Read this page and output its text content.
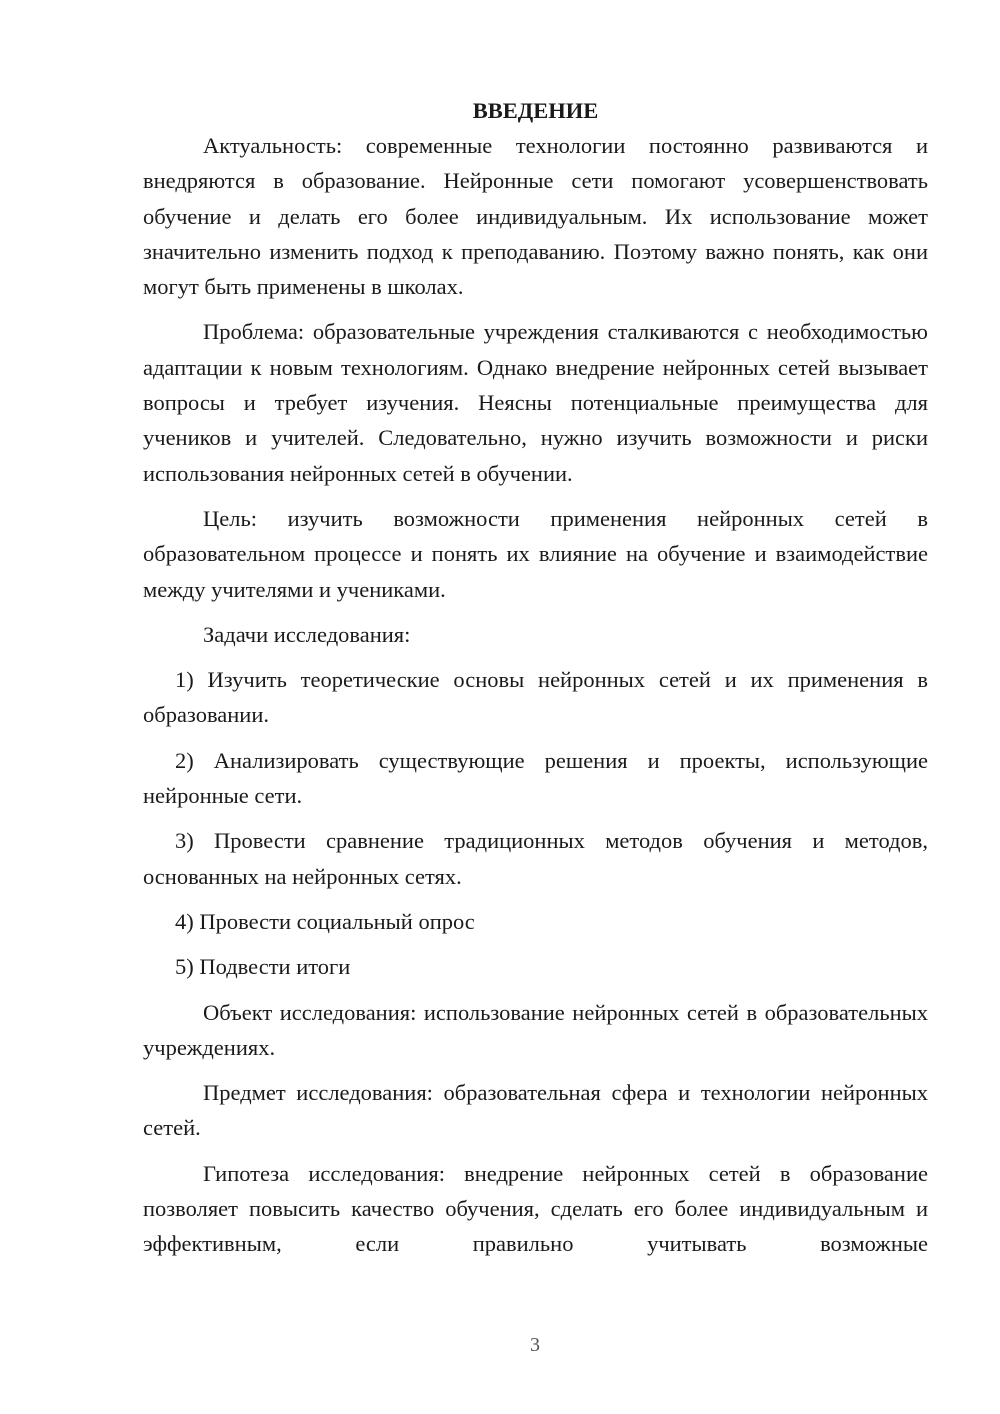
ВВЕДЕНИЕ

Актуальность: современные технологии постоянно развиваются и внедряются в образование. Нейронные сети помогают усовершенствовать обучение и делать его более индивидуальным. Их использование может значительно изменить подход к преподаванию. Поэтому важно понять, как они могут быть применены в школах.

Проблема: образовательные учреждения сталкиваются с необходимостью адаптации к новым технологиям. Однако внедрение нейронных сетей вызывает вопросы и требует изучения. Неясны потенциальные преимущества для учеников и учителей. Следовательно, нужно изучить возможности и риски использования нейронных сетей в обучении.

Цель: изучить возможности применения нейронных сетей в образовательном процессе и понять их влияние на обучение и взаимодействие между учителями и учениками.

Задачи исследования:

1) Изучить теоретические основы нейронных сетей и их применения в образовании.

2) Анализировать существующие решения и проекты, использующие нейронные сети.

3) Провести сравнение традиционных методов обучения и методов, основанных на нейронных сетях.

4) Провести социальный опрос

5) Подвести итоги

Объект исследования: использование нейронных сетей в образовательных учреждениях.

Предмет исследования: образовательная сфера и технологии нейронных сетей.

Гипотеза исследования: внедрение нейронных сетей в образование позволяет повысить качество обучения, сделать его более индивидуальным и эффективным, если правильно учитывать возможные

3
